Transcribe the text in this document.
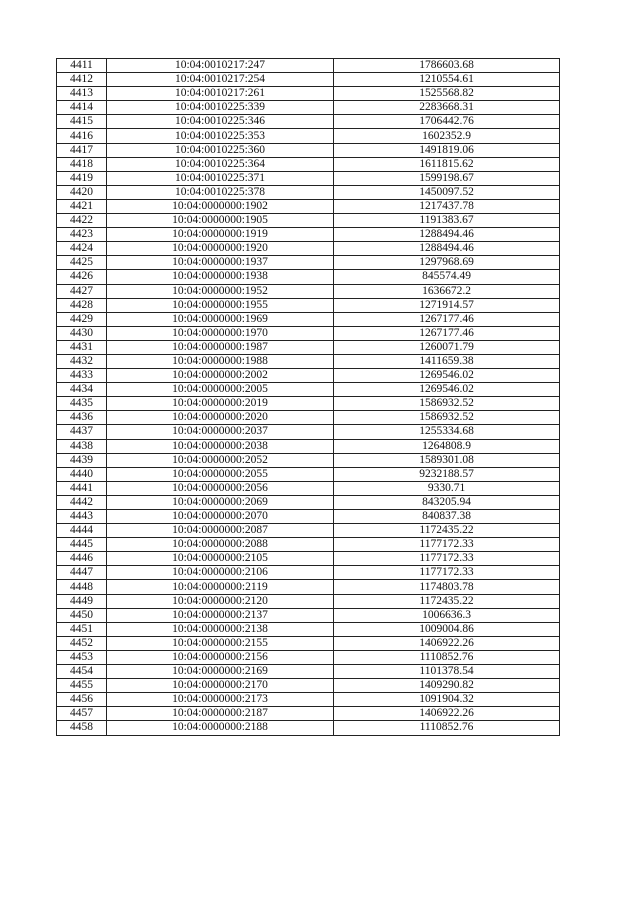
4411	10:04:0010217:247	1786603.68
4412	10:04:0010217:254	1210554.61
4413	10:04:0010217:261	1525568.82
4414	10:04:0010225:339	2283668.31
4415	10:04:0010225:346	1706442.76
4416	10:04:0010225:353	1602352.9
4417	10:04:0010225:360	1491819.06
4418	10:04:0010225:364	1611815.62
4419	10:04:0010225:371	1599198.67
4420	10:04:0010225:378	1450097.52
4421	10:04:0000000:1902	1217437.78
4422	10:04:0000000:1905	1191383.67
4423	10:04:0000000:1919	1288494.46
4424	10:04:0000000:1920	1288494.46
4425	10:04:0000000:1937	1297968.69
4426	10:04:0000000:1938	845574.49
4427	10:04:0000000:1952	1636672.2
4428	10:04:0000000:1955	1271914.57
4429	10:04:0000000:1969	1267177.46
4430	10:04:0000000:1970	1267177.46
4431	10:04:0000000:1987	1260071.79
4432	10:04:0000000:1988	1411659.38
4433	10:04:0000000:2002	1269546.02
4434	10:04:0000000:2005	1269546.02
4435	10:04:0000000:2019	1586932.52
4436	10:04:0000000:2020	1586932.52
4437	10:04:0000000:2037	1255334.68
4438	10:04:0000000:2038	1264808.9
4439	10:04:0000000:2052	1589301.08
4440	10:04:0000000:2055	9232188.57
4441	10:04:0000000:2056	9330.71
4442	10:04:0000000:2069	843205.94
4443	10:04:0000000:2070	840837.38
4444	10:04:0000000:2087	1172435.22
4445	10:04:0000000:2088	1177172.33
4446	10:04:0000000:2105	1177172.33
4447	10:04:0000000:2106	1177172.33
4448	10:04:0000000:2119	1174803.78
4449	10:04:0000000:2120	1172435.22
4450	10:04:0000000:2137	1006636.3
4451	10:04:0000000:2138	1009004.86
4452	10:04:0000000:2155	1406922.26
4453	10:04:0000000:2156	1110852.76
4454	10:04:0000000:2169	1101378.54
4455	10:04:0000000:2170	1409290.82
4456	10:04:0000000:2173	1091904.32
4457	10:04:0000000:2187	1406922.26
4458	10:04:0000000:2188	1110852.76
